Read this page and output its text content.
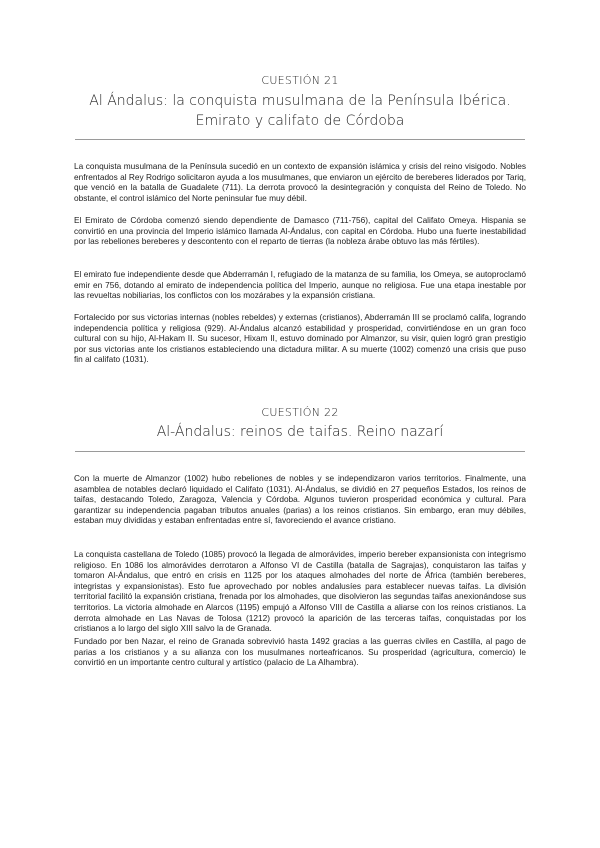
CUESTIÓN 21
Al Ándalus: la conquista musulmana de la Península Ibérica. Emirato y califato de Córdoba

La conquista musulmana de la Península sucedió en un contexto de expansión islámica y crisis del reino visigodo. Nobles enfrentados al Rey Rodrigo solicitaron ayuda a los musulmanes, que enviaron un ejército de bereberes liderados por Tariq, que venció en la batalla de Guadalete (711). La derrota provocó la desintegración y conquista del Reino de Toledo. No obstante, el control islámico del Norte peninsular fue muy débil.

El Emirato de Córdoba comenzó siendo dependiente de Damasco (711-756), capital del Califato Omeya. Hispania se convirtió en una provincia del Imperio islámico llamada Al-Ándalus, con capital en Córdoba. Hubo una fuerte inestabilidad por las rebeliones bereberes y descontento con el reparto de tierras (la nobleza árabe obtuvo las más fértiles).

El emirato fue independiente desde que Abderramán I, refugiado de la matanza de su familia, los Omeya, se autoproclamó emir en 756, dotando al emirato de independencia política del Imperio, aunque no religiosa. Fue una etapa inestable por las revueltas nobiliarias, los conflictos con los mozárabes y la expansión cristiana.

Fortalecido por sus victorias internas (nobles rebeldes) y externas (cristianos), Abderramán III se proclamó califa, logrando independencia política y religiosa (929). Al-Ándalus alcanzó estabilidad y prosperidad, convirtiéndose en un gran foco cultural con su hijo, Al-Hakam II. Su sucesor, Hixam II, estuvo dominado por Almanzor, su visir, quien logró gran prestigio por sus victorias ante los cristianos estableciendo una dictadura militar. A su muerte (1002) comenzó una crisis que puso fin al califato (1031).

CUESTIÓN 22
Al-Ándalus: reinos de taifas. Reino nazarí

Con la muerte de Almanzor (1002) hubo rebeliones de nobles y se independizaron varios territorios. Finalmente, una asamblea de notables declaró liquidado el Califato (1031). Al-Ándalus, se dividió en 27 pequeños Estados, los reinos de taifas, destacando Toledo, Zaragoza, Valencia y Córdoba. Algunos tuvieron prosperidad económica y cultural. Para garantizar su independencia pagaban tributos anuales (parias) a los reinos cristianos. Sin embargo, eran muy débiles, estaban muy divididas y estaban enfrentadas entre sí, favoreciendo el avance cristiano.

La conquista castellana de Toledo (1085) provocó la llegada de almorávides, imperio bereber expansionista con integrismo religioso. En 1086 los almorávides derrotaron a Alfonso VI de Castilla (batalla de Sagrajas), conquistaron las taifas y tomaron Al-Ándalus, que entró en crisis en 1125 por los ataques almohades del norte de África (también bereberes, integristas y expansionistas). Esto fue aprovechado por nobles andalusíes para establecer nuevas taifas. La división territorial facilitó la expansión cristiana, frenada por los almohades, que disolvieron las segundas taifas anexionándose sus territorios. La victoria almohade en Alarcos (1195) empujó a Alfonso VIII de Castilla a aliarse con los reinos cristianos. La derrota almohade en Las Navas de Tolosa (1212) provocó la aparición de las terceras taifas, conquistadas por los cristianos a lo largo del siglo XIII salvo la de Granada.

Fundado por ben Nazar, el reino de Granada sobrevivió hasta 1492 gracias a las guerras civiles en Castilla, al pago de parias a los cristianos y a su alianza con los musulmanes norteafricanos. Su prosperidad (agricultura, comercio) le convirtió en un importante centro cultural y artístico (palacio de La Alhambra).
